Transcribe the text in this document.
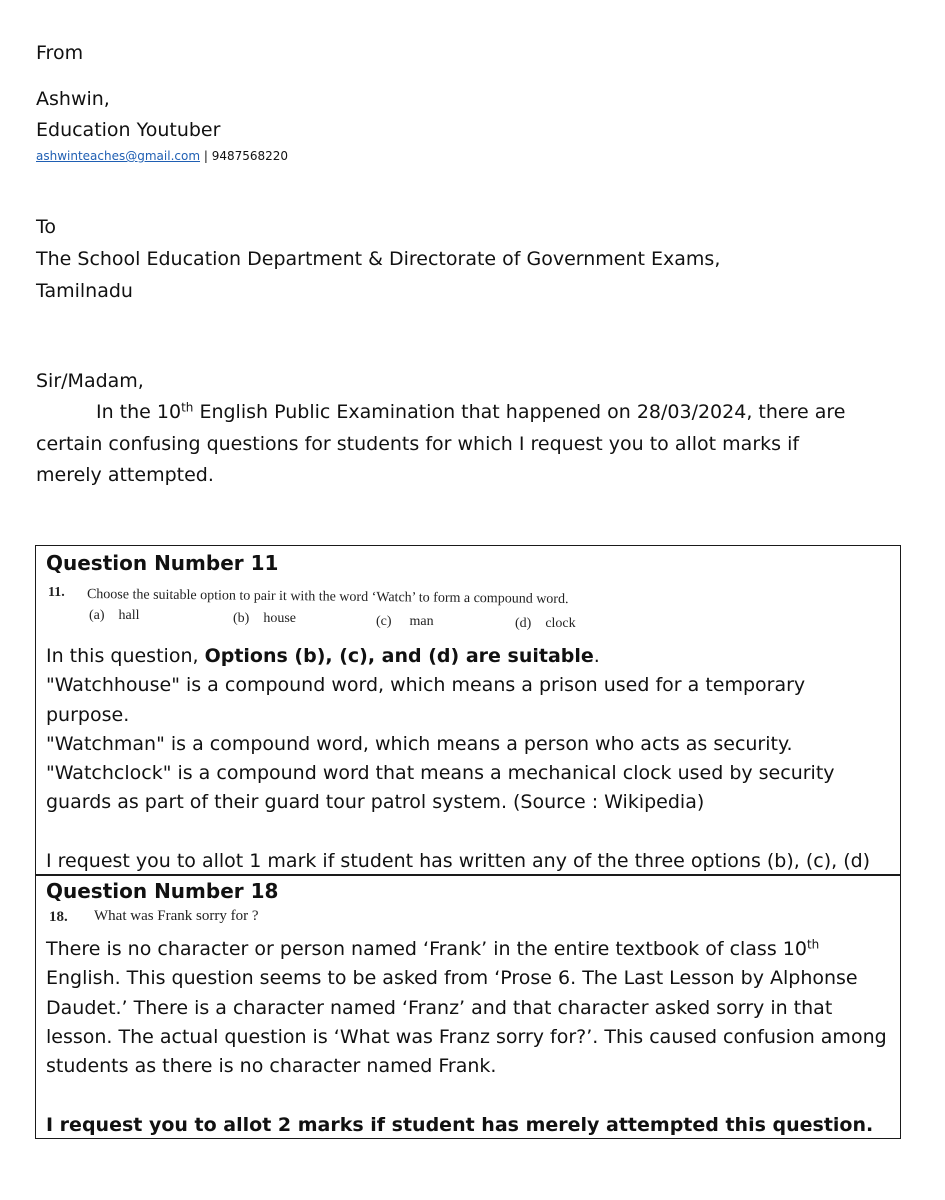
From
Ashwin,
Education Youtuber
ashwinteaches@gmail.com | 9487568220
To
The School Education Department & Directorate of Government Exams,
Tamilnadu
Sir/Madam,
In the 10th English Public Examination that happened on 28/03/2024, there are certain confusing questions for students for which I request you to allot marks if merely attempted.
Question Number 11
11. Choose the suitable option to pair it with the word ‘Watch’ to form a compound word.
(a) hall	(b) house	(c) man	(d) clock
In this question, Options (b), (c), and (d) are suitable.
"Watchhouse" is a compound word, which means a prison used for a temporary purpose.
"Watchman" is a compound word, which means a person who acts as security.
"Watchclock" is a compound word that means a mechanical clock used by security guards as part of their guard tour patrol system. (Source : Wikipedia)
I request you to allot 1 mark if student has written any of the three options (b), (c), (d)
Question Number 18
18. What was Frank sorry for ?
There is no character or person named ‘Frank’ in the entire textbook of class 10th English. This question seems to be asked from ‘Prose 6. The Last Lesson by Alphonse Daudet.’ There is a character named ‘Franz’ and that character asked sorry in that lesson. The actual question is ‘What was Franz sorry for?’. This caused confusion among students as there is no character named Frank.
I request you to allot 2 marks if student has merely attempted this question.
